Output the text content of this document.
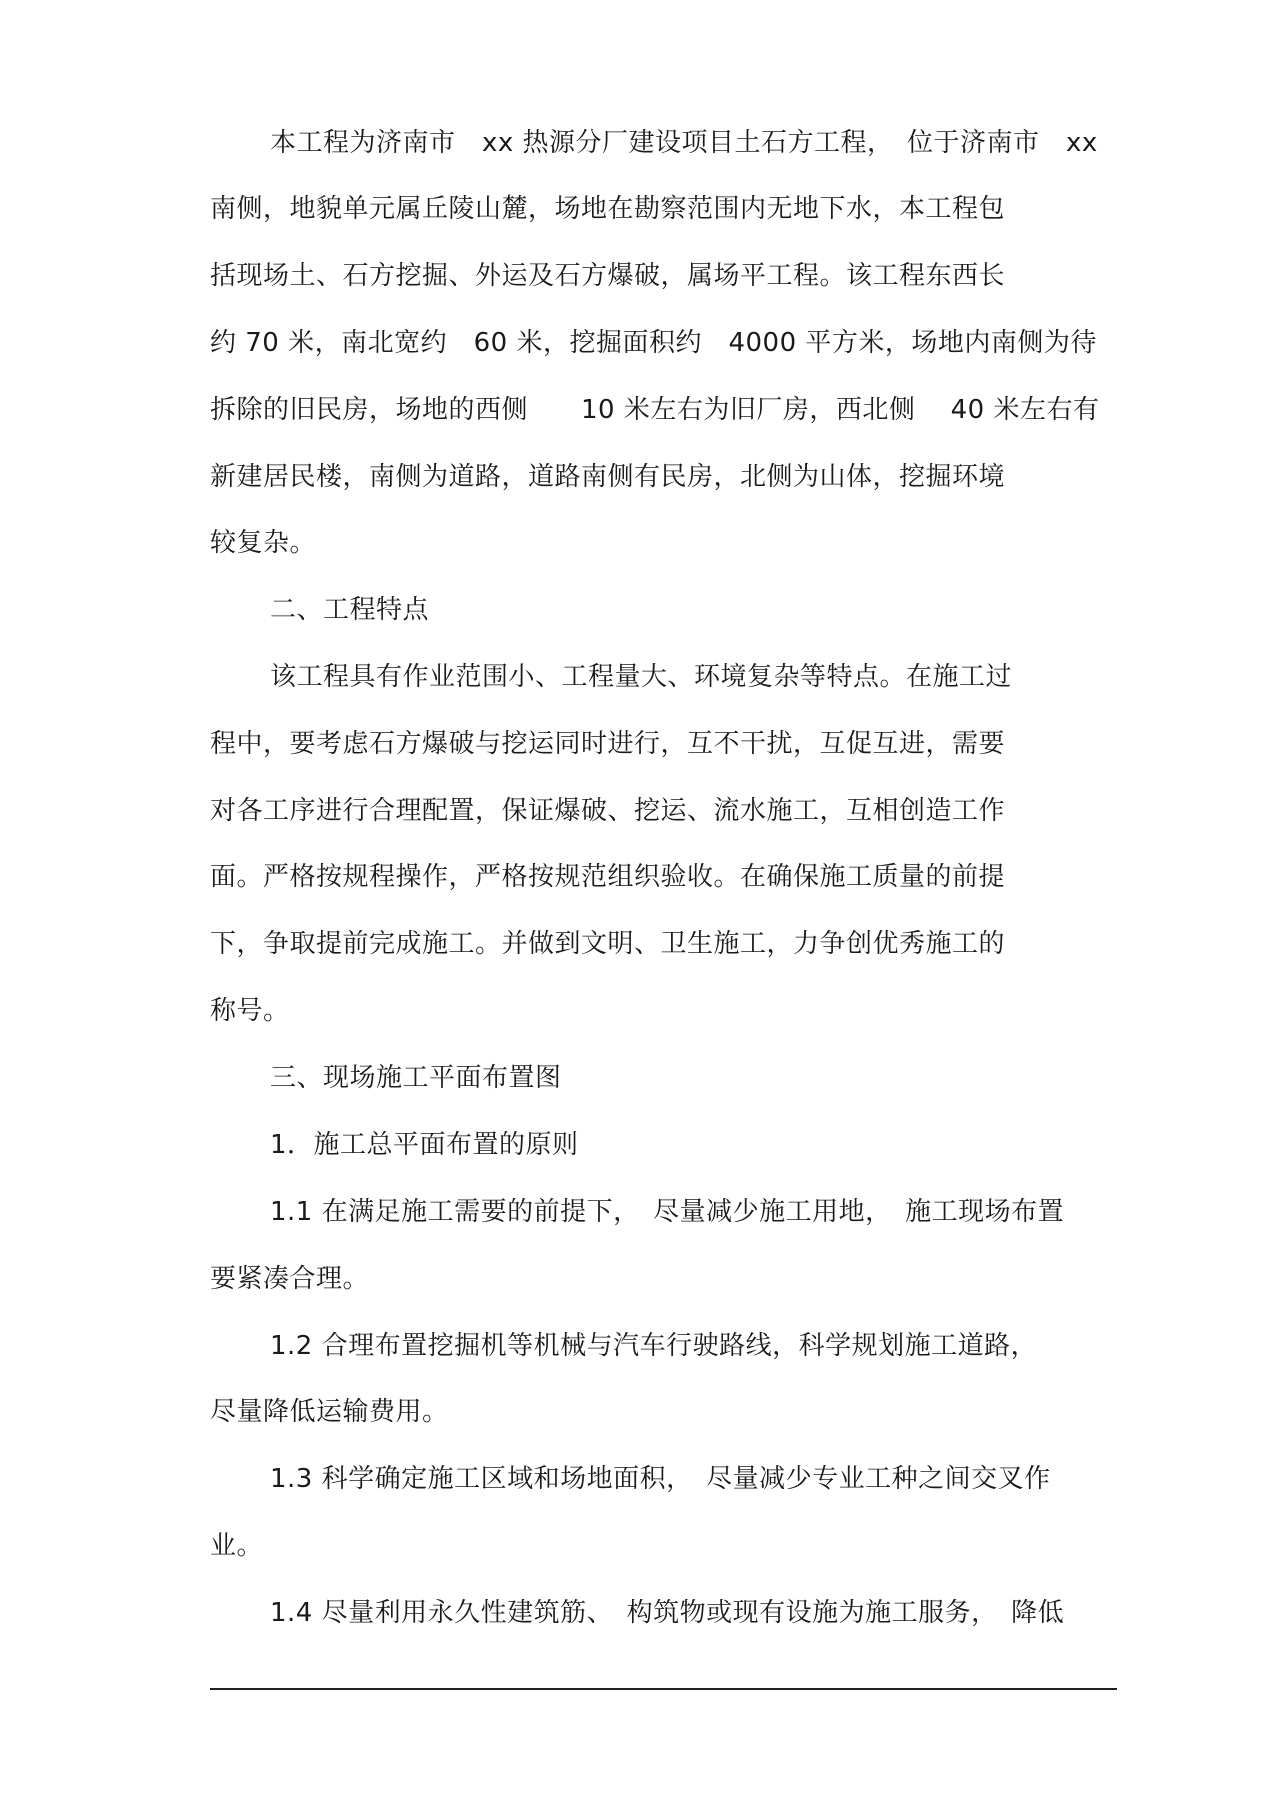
本工程为济南市　xx 热源分厂建设项目土石方工程，　位于济南市　xx
南侧，地貌单元属丘陵山麓，场地在勘察范围内无地下水，本工程包
括现场土、石方挖掘、外运及石方爆破，属场平工程。该工程东西长
约 70 米，南北宽约　60 米，挖掘面积约　4000 平方米，场地内南侧为待
拆除的旧民房，场地的西侧　　10 米左右为旧厂房，西北侧　 40 米左右有
新建居民楼，南侧为道路，道路南侧有民房，北侧为山体，挖掘环境
较复杂。
二、工程特点
该工程具有作业范围小、工程量大、环境复杂等特点。在施工过
程中，要考虑石方爆破与挖运同时进行，互不干扰，互促互进，需要
对各工序进行合理配置，保证爆破、挖运、流水施工，互相创造工作
面。严格按规程操作，严格按规范组织验收。在确保施工质量的前提
下，争取提前完成施工。并做到文明、卫生施工，力争创优秀施工的
称号。
三、现场施工平面布置图
1．施工总平面布置的原则
1.1 在满足施工需要的前提下，　尽量减少施工用地，　施工现场布置
要紧凑合理。
1.2 合理布置挖掘机等机械与汽车行驶路线，科学规划施工道路，
尽量降低运输费用。
1.3 科学确定施工区域和场地面积，　尽量减少专业工种之间交叉作
业。
1.4 尽量利用永久性建筑筋、　构筑物或现有设施为施工服务，　降低
